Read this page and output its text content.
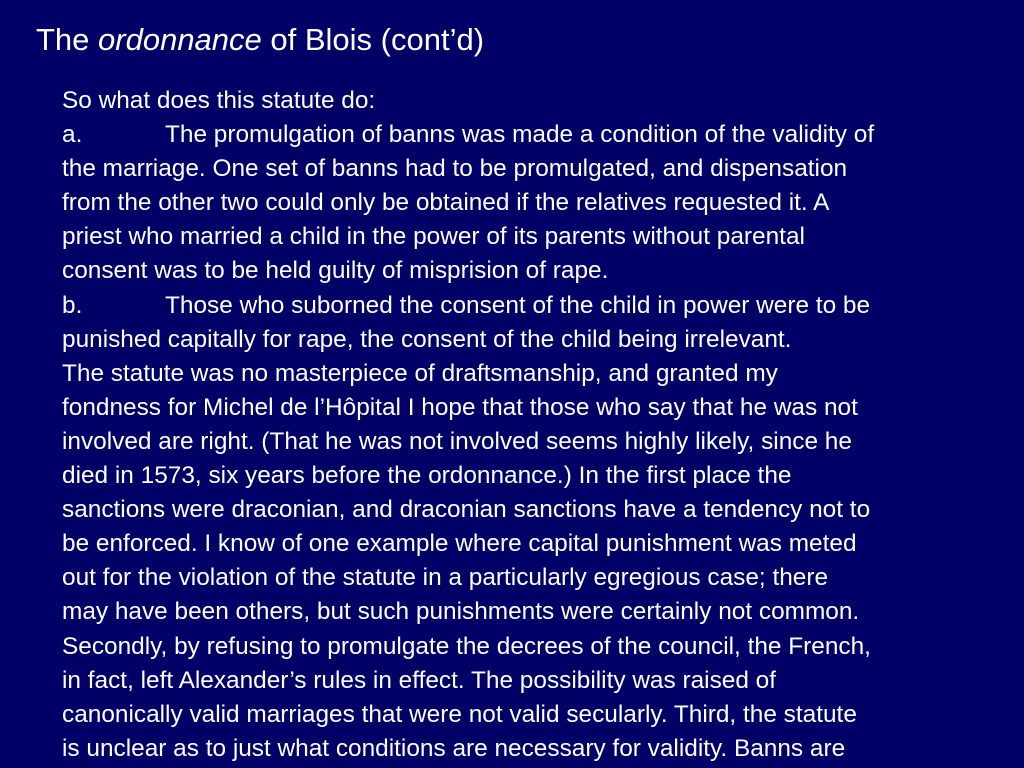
The ordonnance of Blois (cont’d)
So what does this statute do:
a.	The promulgation of banns was made a condition of the validity of
the marriage. One set of banns had to be promulgated, and dispensation
from the other two could only be obtained if the relatives requested it. A
priest who married a child in the power of its parents without parental
consent was to be held guilty of misprision of rape.
b.	Those who suborned the consent of the child in power were to be
punished capitally for rape, the consent of the child being irrelevant.
The statute was no masterpiece of draftsmanship, and granted my
fondness for Michel de l’Hôpital I hope that those who say that he was not
involved are right. (That he was not involved seems highly likely, since he
died in 1573, six years before the ordonnance.) In the first place the
sanctions were draconian, and draconian sanctions have a tendency not to
be enforced. I know of one example where capital punishment was meted
out for the violation of the statute in a particularly egregious case; there
may have been others, but such punishments were certainly not common.
Secondly, by refusing to promulgate the decrees of the council, the French,
in fact, left Alexander’s rules in effect. The possibility was raised of
canonically valid marriages that were not valid secularly. Third, the statute
is unclear as to just what conditions are necessary for validity. Banns are
